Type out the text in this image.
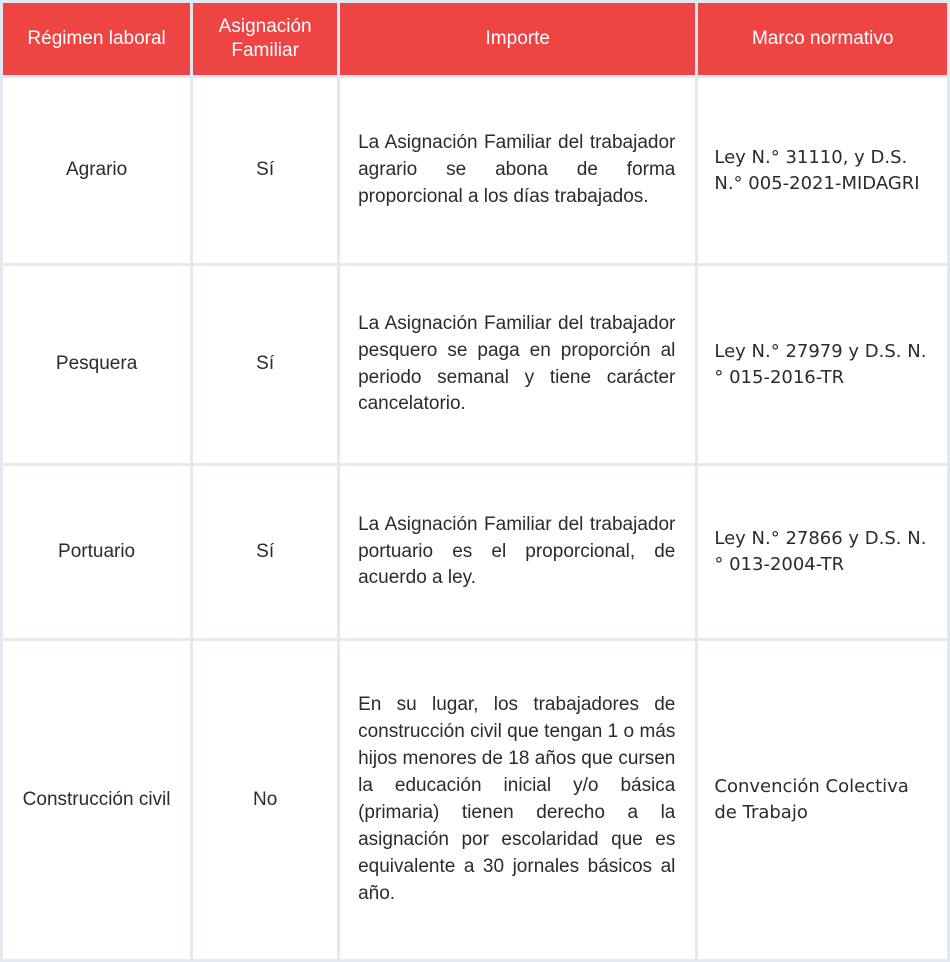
Régimen laboral	Asignación Familiar	Importe	Marco normativo
Agrario	Sí	La Asignación Familiar del trabajador agrario se abona de forma proporcional a los días trabajados.	Ley N.° 31110, y D.S. N.° 005-2021-MIDAGRI
Pesquera	Sí	La Asignación Familiar del trabajador pesquero se paga en proporción al periodo semanal y tiene carácter cancelatorio.	Ley N.° 27979 y D.S. N.° 015-2016-TR
Portuario	Sí	La Asignación Familiar del trabajador portuario es el proporcional, de acuerdo a ley.	Ley N.° 27866 y D.S. N.° 013-2004-TR
Construcción civil	No	En su lugar, los trabajadores de construcción civil que tengan 1 o más hijos menores de 18 años que cursen la educación inicial y/o básica (primaria) tienen derecho a la asignación por escolaridad que es equivalente a 30 jornales básicos al año.	Convención Colectiva de Trabajo
